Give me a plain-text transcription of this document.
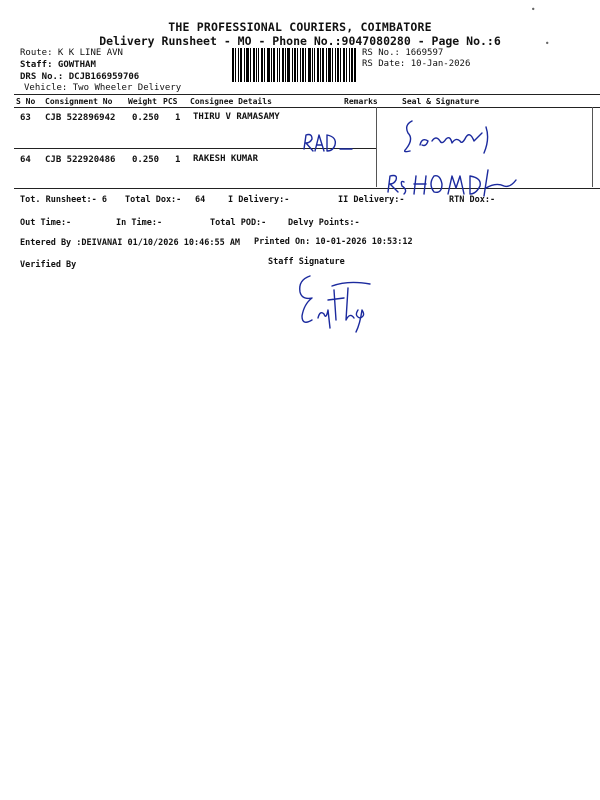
THE PROFESSIONAL COURIERS, COIMBATORE
Delivery Runsheet - MO - Phone No.:9047080280 - Page No.:6
Route: K K LINE AVN
Staff: GOWTHAM
DRS No.: DCJB166959706
Vehicle: Two Wheeler Delivery
RS No.: 1669597
RS Date: 10-Jan-2026
S No Consignment No Weight PCS Consignee Details	Remarks	Seal & Signature
63 CJB 522896942 0.250 1 THIRU V RAMASAMY
64 CJB 522920486 0.250 1 RAKESH KUMAR
Tot. Runsheet:- 6 Total Dox:- 64	I Delivery:-	II Delivery:-	RTN Dox:-
Out Time:-	In Time:-	Total POD:-	Delvy Points:-
Entered By :DEIVANAI 01/10/2026 10:46:55 AM Printed On: 10-01-2026 10:53:12
Verified By	Staff Signature
●
●
